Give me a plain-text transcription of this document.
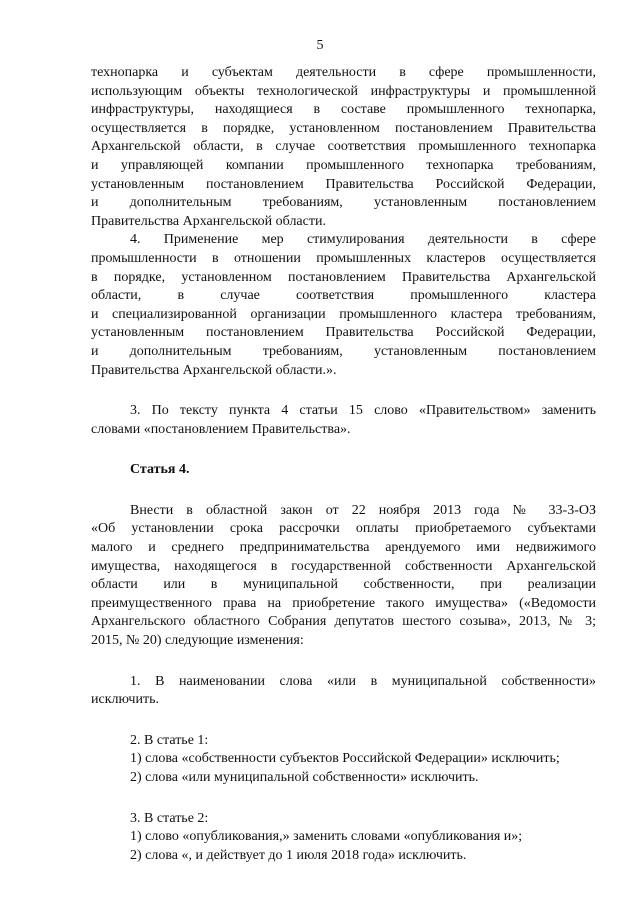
5
технопарка и субъектам деятельности в сфере промышленности,
использующим объекты технологической инфраструктуры и промышленной
инфраструктуры, находящиеся в составе промышленного технопарка,
осуществляется в порядке, установленном постановлением Правительства
Архангельской области, в случае соответствия промышленного технопарка
и управляющей компании промышленного технопарка требованиям,
установленным постановлением Правительства Российской Федерации,
и дополнительным требованиям, установленным постановлением
Правительства Архангельской области.
4. Применение мер стимулирования деятельности в сфере
промышленности в отношении промышленных кластеров осуществляется
в порядке, установленном постановлением Правительства Архангельской
области, в случае соответствия промышленного кластера
и специализированной организации промышленного кластера требованиям,
установленным постановлением Правительства Российской Федерации,
и дополнительным требованиям, установленным постановлением
Правительства Архангельской области.».
3. По тексту пункта 4 статьи 15 слово «Правительством» заменить
словами «постановлением Правительства».
Статья 4.
Внести в областной закон от 22 ноября 2013 года № 33-3-ОЗ
«Об установлении срока рассрочки оплаты приобретаемого субъектами
малого и среднего предпринимательства арендуемого ими недвижимого
имущества, находящегося в государственной собственности Архангельской
области или в муниципальной собственности, при реализации
преимущественного права на приобретение такого имущества» («Ведомости
Архангельского областного Собрания депутатов шестого созыва», 2013, № 3;
2015, № 20) следующие изменения:
1. В наименовании слова «или в муниципальной собственности»
исключить.
2. В статье 1:
1) слова «собственности субъектов Российской Федерации» исключить;
2) слова «или муниципальной собственности» исключить.
3. В статье 2:
1) слово «опубликования,» заменить словами «опубликования и»;
2) слова «, и действует до 1 июля 2018 года» исключить.
